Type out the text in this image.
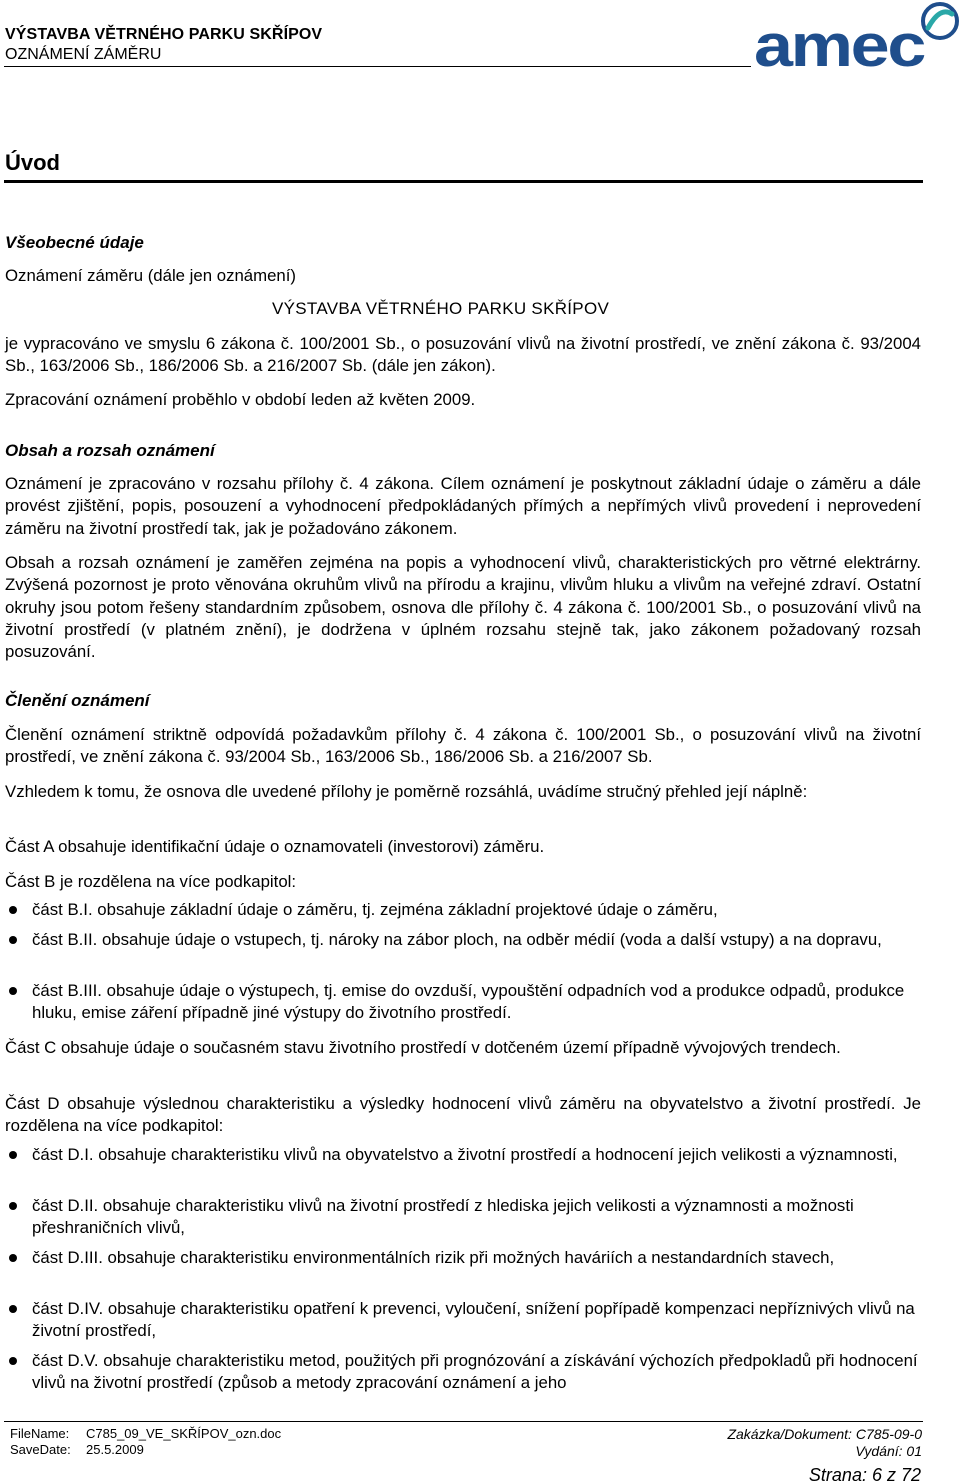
VÝSTAVBA VĚTRNÉHO PARKU SKŘÍPOV
OZNÁMENÍ ZÁMĚRU	amec
Úvod
Všeobecné údaje
Oznámení záměru (dále jen oznámení)
VÝSTAVBA VĚTRNÉHO PARKU SKŘÍPOV
je vypracováno ve smyslu 6 zákona č. 100/2001 Sb., o posuzování vlivů na životní prostředí, ve znění zákona č. 93/2004 Sb., 163/2006 Sb., 186/2006 Sb. a 216/2007 Sb. (dále jen zákon).
Zpracování oznámení proběhlo v období leden až květen 2009.
Obsah a rozsah oznámení
Oznámení je zpracováno v rozsahu přílohy č. 4 zákona. Cílem oznámení je poskytnout základní údaje o záměru a dále provést zjištění, popis, posouzení a vyhodnocení předpokládaných přímých a nepřímých vlivů provedení i neprovedení záměru na životní prostředí tak, jak je požadováno zákonem.
Obsah a rozsah oznámení je zaměřen zejména na popis a vyhodnocení vlivů, charakteristických pro větrné elektrárny. Zvýšená pozornost je proto věnována okruhům vlivů na přírodu a krajinu, vlivům hluku a vlivům na veřejné zdraví. Ostatní okruhy jsou potom řešeny standardním způsobem, osnova dle přílohy č. 4 zákona č. 100/2001 Sb., o posuzování vlivů na životní prostředí (v platném znění), je dodržena v úplném rozsahu stejně tak, jako zákonem požadovaný rozsah posuzování.
Členění oznámení
Členění oznámení striktně odpovídá požadavkům přílohy č. 4 zákona č. 100/2001 Sb., o posuzování vlivů na životní prostředí, ve znění zákona č. 93/2004 Sb., 163/2006 Sb., 186/2006 Sb. a 216/2007 Sb.
Vzhledem k tomu, že osnova dle uvedené přílohy je poměrně rozsáhlá, uvádíme stručný přehled její náplně:
Část A obsahuje identifikační údaje o oznamovateli (investorovi) záměru.
Část B je rozdělena na více podkapitol:
část B.I. obsahuje základní údaje o záměru, tj. zejména základní projektové údaje o záměru,
část B.II. obsahuje údaje o vstupech, tj. nároky na zábor ploch, na odběr médií (voda a další vstupy) a na dopravu,
část B.III. obsahuje údaje o výstupech, tj. emise do ovzduší, vypouštění odpadních vod a produkce odpadů, produkce hluku, emise záření případně jiné výstupy do životního prostředí.
Část C obsahuje údaje o současném stavu životního prostředí v dotčeném území případně vývojových trendech.
Část D obsahuje výslednou charakteristiku a výsledky hodnocení vlivů záměru na obyvatelstvo a životní prostředí. Je rozdělena na více podkapitol:
část D.I. obsahuje charakteristiku vlivů na obyvatelstvo a životní prostředí a hodnocení jejich velikosti a významnosti,
část D.II. obsahuje charakteristiku vlivů na životní prostředí z hlediska jejich velikosti a významnosti a možnosti přeshraničních vlivů,
část D.III. obsahuje charakteristiku environmentálních rizik při možných haváriích a nestandardních stavech,
část D.IV. obsahuje charakteristiku opatření k prevenci, vyloučení, snížení popřípadě kompenzaci nepříznivých vlivů na životní prostředí,
část D.V. obsahuje charakteristiku metod, použitých při prognózování a získávání výchozích předpokladů při hodnocení vlivů na životní prostředí (způsob a metody zpracování oznámení a jeho
FileName: C785_09_VE_SKŘÍPOV_ozn.doc
SaveDate: 25.5.2009
Zakázka/Dokument: C785-09-0
Vydání: 01
Strana: 6 z 72
